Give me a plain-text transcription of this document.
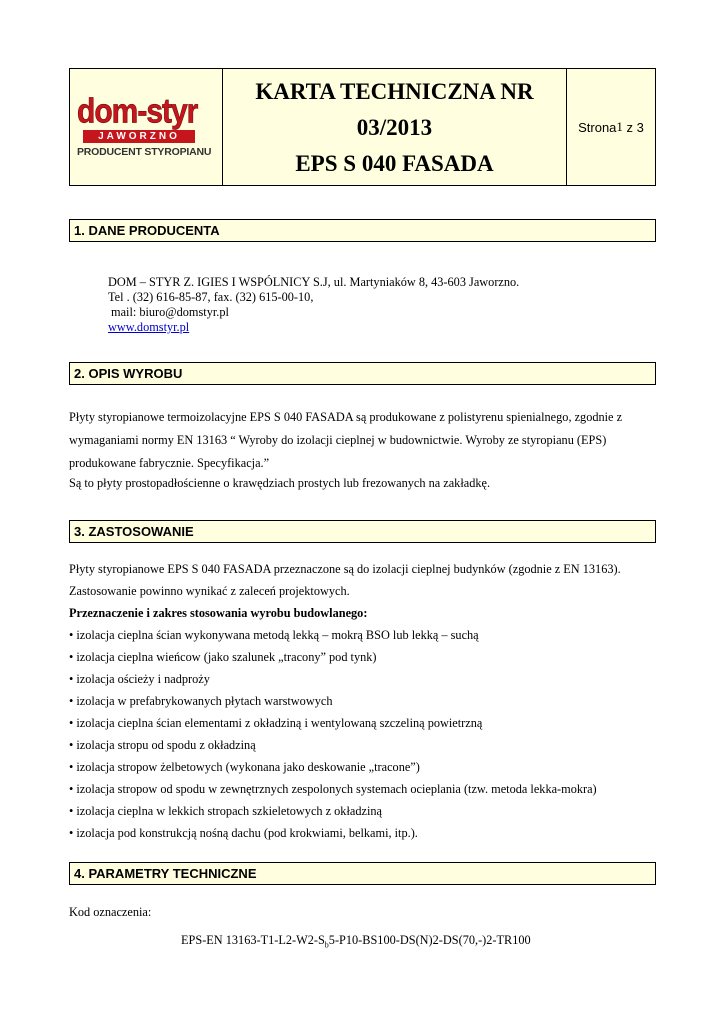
dom-styr
JAWORZNO
PRODUCENT STYROPIANU
KARTA TECHNICZNA NR
03/2013
EPS S 040 FASADA
Strona 1 z 3
1. DANE PRODUCENTA
DOM – STYR Z. IGIES I WSPÓLNICY S.J, ul. Martyniaków 8, 43-603 Jaworzno.
Tel . (32) 616-85-87, fax. (32) 615-00-10,
mail: biuro@domstyr.pl
www.domstyr.pl
2. OPIS WYROBU
Płyty styropianowe termoizolacyjne EPS S 040 FASADA są produkowane z polistyrenu spienialnego, zgodnie z
wymaganiami normy EN 13163 “ Wyroby do izolacji cieplnej w budownictwie. Wyroby ze styropianu (EPS)
produkowane fabrycznie. Specyfikacja.”
Są to płyty prostopadłościenne o krawędziach prostych lub frezowanych na zakładkę.
3. ZASTOSOWANIE
Płyty styropianowe EPS S 040 FASADA przeznaczone są do izolacji cieplnej budynków (zgodnie z EN 13163).
Zastosowanie powinno wynikać z zaleceń projektowych.
Przeznaczenie i zakres stosowania wyrobu budowlanego:
• izolacja cieplna ścian wykonywana metodą lekką – mokrą BSO lub lekką – suchą
• izolacja cieplna wieńcow (jako szalunek „tracony” pod tynk)
• izolacja ościeży i nadproży
• izolacja w prefabrykowanych płytach warstwowych
• izolacja cieplna ścian elementami z okładziną i wentylowaną szczeliną powietrzną
• izolacja stropu od spodu z okładziną
• izolacja stropow żelbetowych (wykonana jako deskowanie „tracone”)
• izolacja stropow od spodu w zewnętrznych zespolonych systemach ocieplania (tzw. metoda lekka-mokra)
• izolacja cieplna w lekkich stropach szkieletowych z okładziną
• izolacja pod konstrukcją nośną dachu (pod krokwiami, belkami, itp.).
4. PARAMETRY TECHNICZNE
Kod oznaczenia:
EPS-EN $13163-T1-L2-W2-S_b5-P10-BS100-DS(N)2-DS(70,-)2-TR100$
